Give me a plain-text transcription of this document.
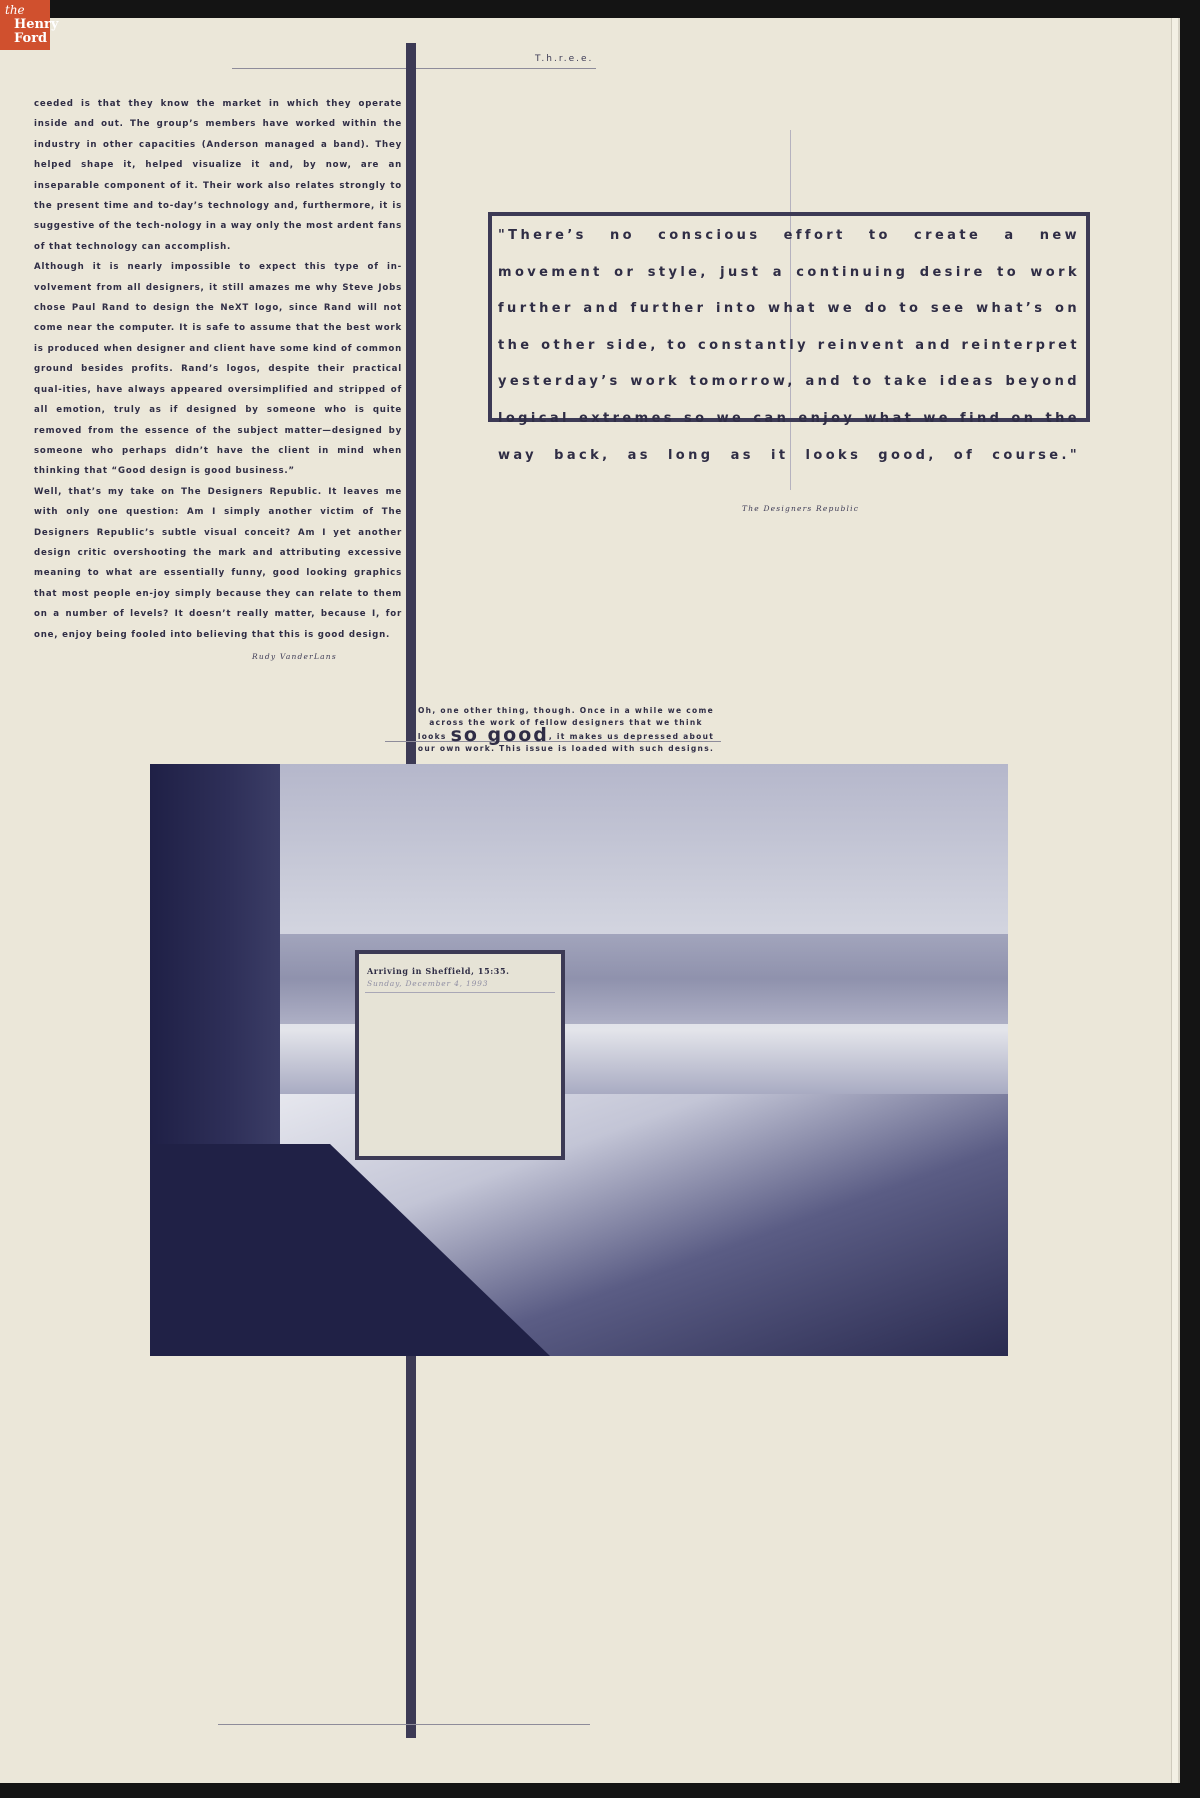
the
Henry
Ford
T.h.r.e.e.

ceeded is that they know the market in which they operate inside and out. The group’s members have worked within the industry in other capacities (Anderson managed a band). They helped shape it, helped visualize it and, by now, are an inseparable component of it. Their work also relates strongly to the present time and to-day’s technology and, furthermore, it is suggestive of the tech-nology in a way only the most ardent fans of that technology can accomplish.

Although it is nearly impossible to expect this type of in-volvement from all designers, it still amazes me why Steve Jobs chose Paul Rand to design the NeXT logo, since Rand will not come near the computer. It is safe to assume that the best work is produced when designer and client have some kind of common ground besides profits. Rand’s logos, despite their practical qual-ities, have always appeared oversimplified and stripped of all emotion, truly as if designed by someone who is quite removed from the essence of the subject matter—designed by someone who perhaps didn’t have the client in mind when thinking that “Good design is good business.”

Well, that’s my take on The Designers Republic. It leaves me with only one question: Am I simply another victim of The Designers Republic’s subtle visual conceit? Am I yet another design critic overshooting the mark and attributing excessive meaning to what are essentially funny, good looking graphics that most people en-joy simply because they can relate to them on a number of levels? It doesn’t really matter, because I, for one, enjoy being fooled into believing that this is good design.

Rudy VanderLans

"There’s no conscious effort to create a new movement or style, just a continuing desire to work further and further into what we do to see what’s on the other side, to constantly reinvent and reinterpret yesterday’s work tomorrow, and to take ideas beyond logical extremes so we can enjoy what we find on the way back, as long as it looks good, of course."

The Designers Republic
Oh, one other thing, though. Once in a while we come across the work of fellow designers that we think looks so good, it makes us depressed about our own work. This issue is loaded with such designs.
Arriving in Sheffield, 15:35.
Sunday, December 4, 1993
